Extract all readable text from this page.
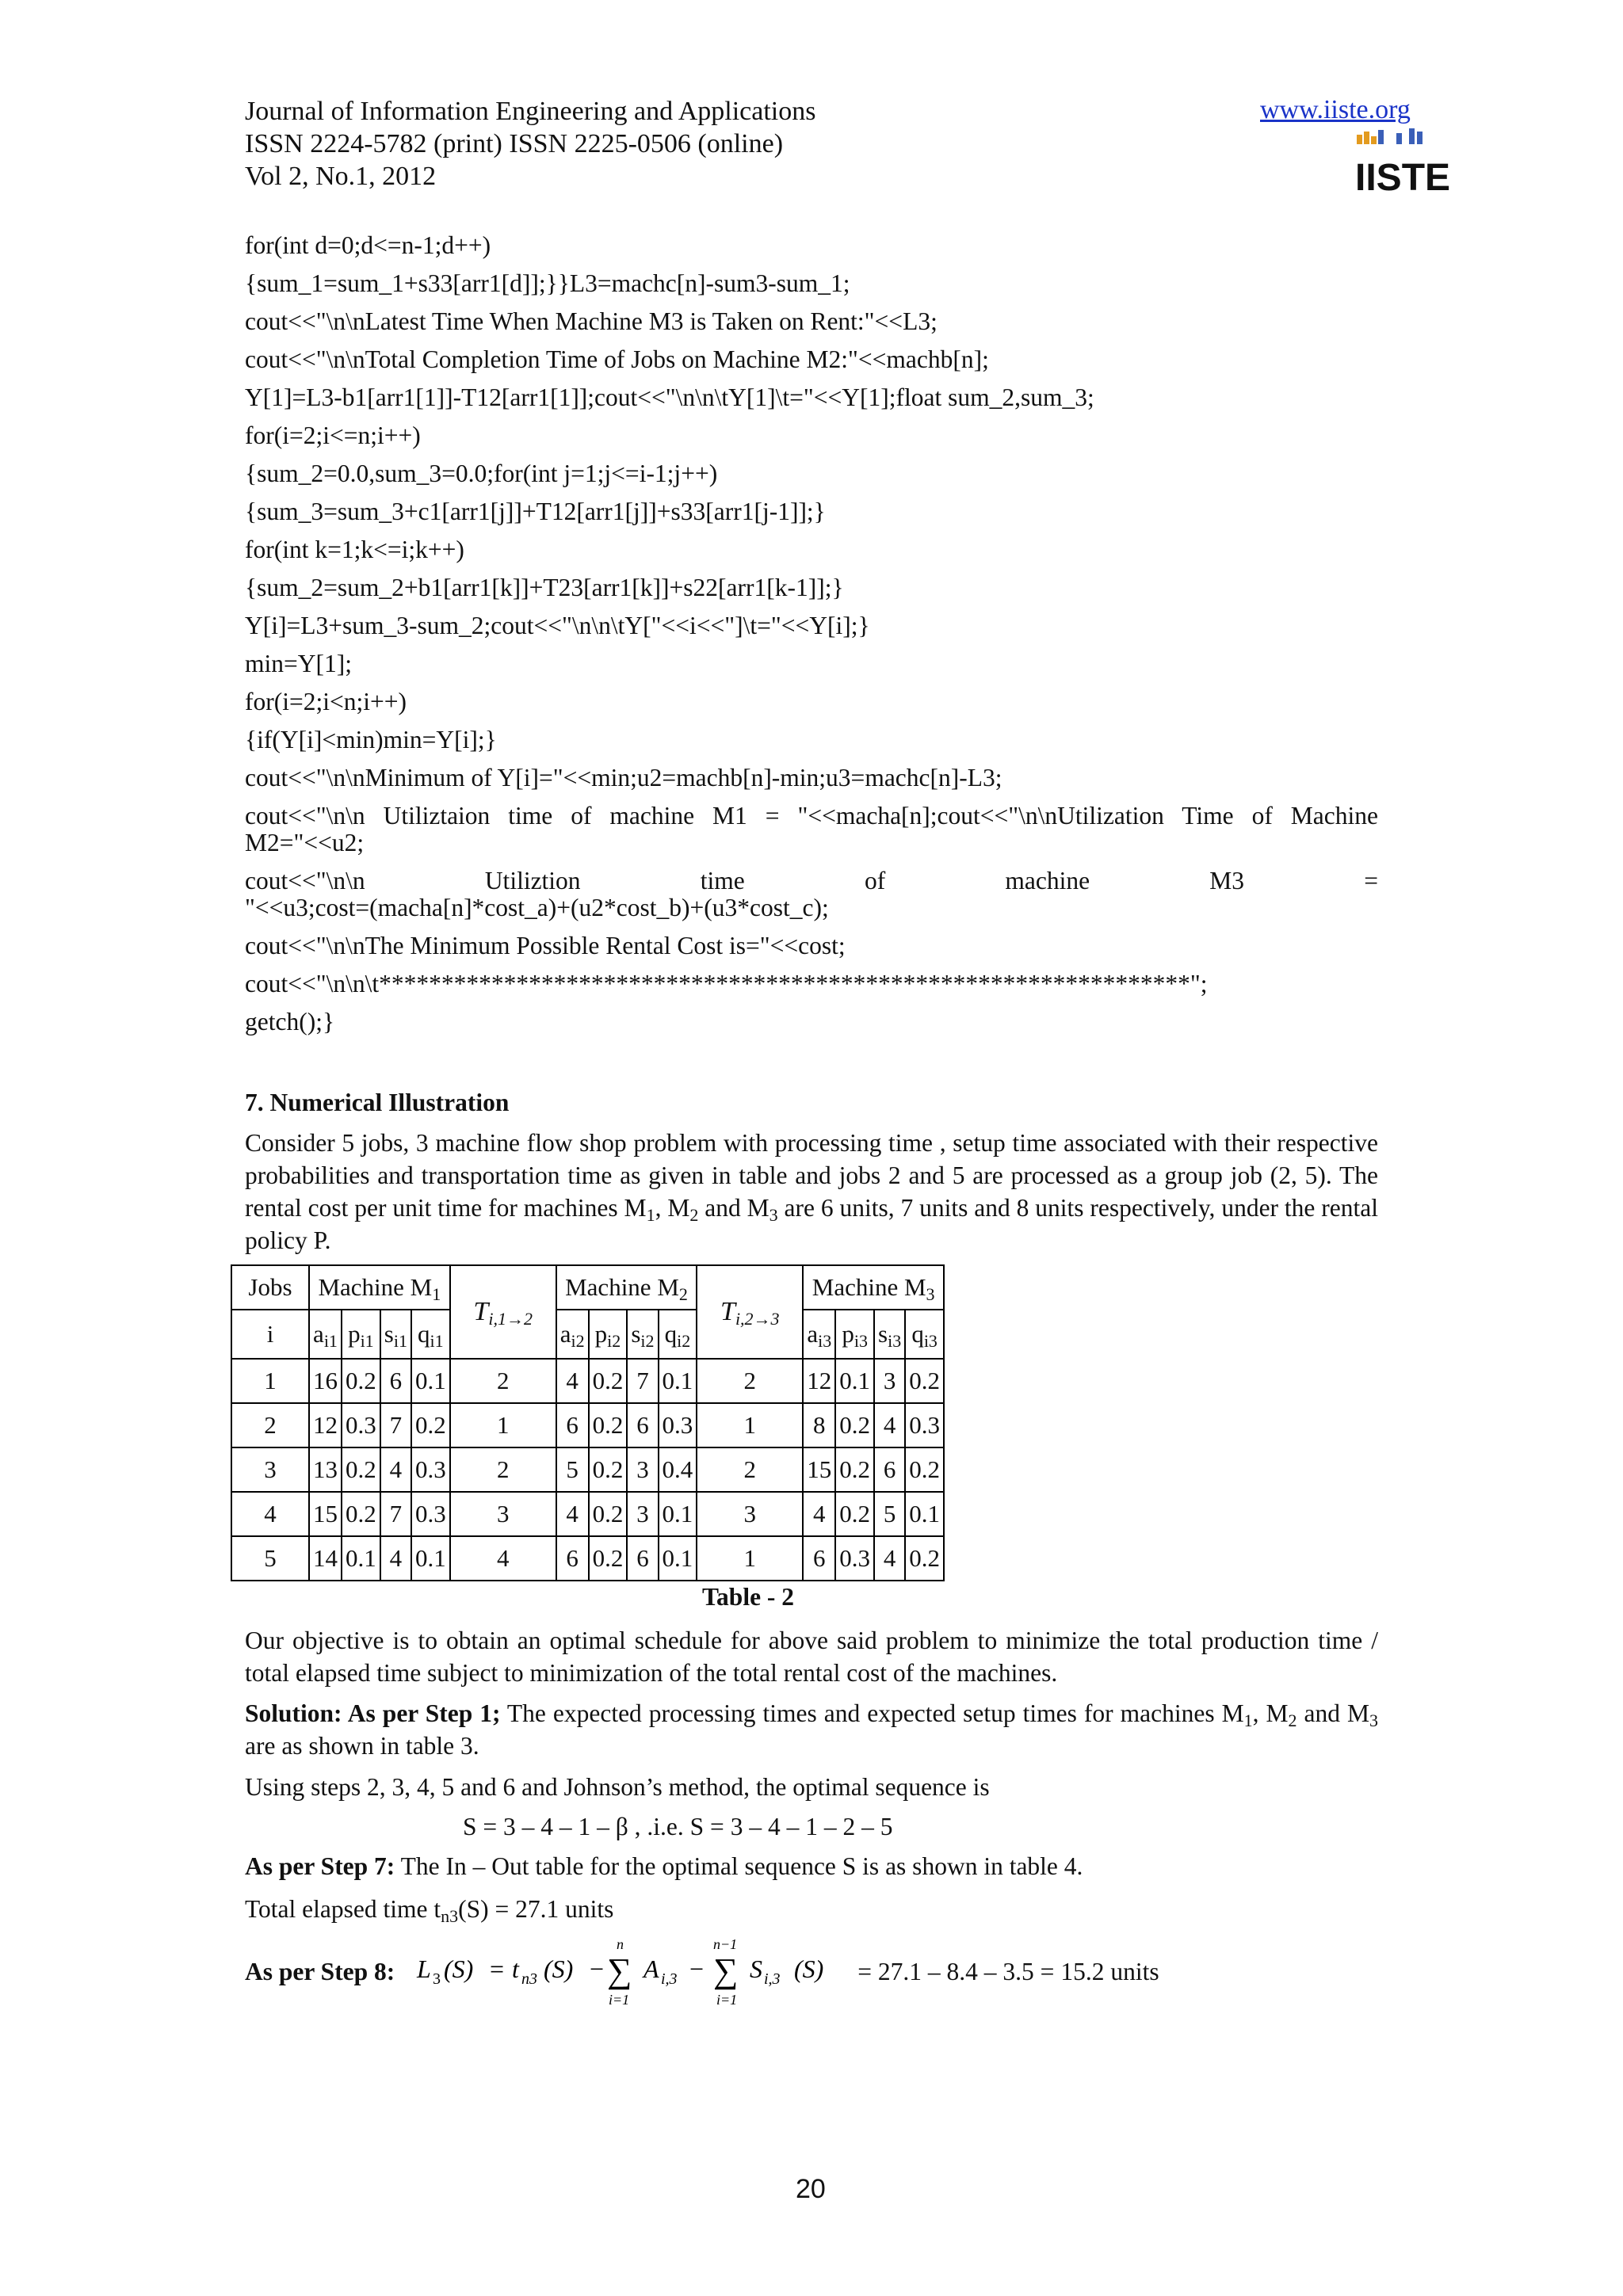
Journal of Information Engineering and Applications
ISSN 2224-5782 (print) ISSN 2225-0506 (online)
Vol 2, No.1, 2012
www.iiste.org
IISTE
for(int d=0;d<=n-1;d++)
{sum_1=sum_1+s33[arr1[d]];}}L3=machc[n]-sum3-sum_1;
cout<<"\n\nLatest Time When Machine M3 is Taken on Rent:"<<L3;
cout<<"\n\nTotal Completion Time of Jobs on Machine M2:"<<machb[n];
Y[1]=L3-b1[arr1[1]]-T12[arr1[1]];cout<<"\n\n\tY[1]\t="<<Y[1];float sum_2,sum_3;
for(i=2;i<=n;i++)
{sum_2=0.0,sum_3=0.0;for(int j=1;j<=i-1;j++)
{sum_3=sum_3+c1[arr1[j]]+T12[arr1[j]]+s33[arr1[j-1]];}
for(int k=1;k<=i;k++)
{sum_2=sum_2+b1[arr1[k]]+T23[arr1[k]]+s22[arr1[k-1]];}
Y[i]=L3+sum_3-sum_2;cout<<"\n\n\tY["<<i<<"]\t="<<Y[i];}
min=Y[1];
for(i=2;i<n;i++)
{if(Y[i]<min)min=Y[i];}
cout<<"\n\nMinimum of Y[i]="<<min;u2=machb[n]-min;u3=machc[n]-L3;
cout<<"\n\n Utiliztaion time of machine M1 = "<<macha[n];cout<<"\n\nUtilization Time of Machine
M2="<<u2;
cout<<"\n\n	Utiliztion	time	of	machine	M3	=
"<<u3;cost=(macha[n]*cost_a)+(u2*cost_b)+(u3*cost_c);
cout<<"\n\nThe Minimum Possible Rental Cost is="<<cost;
cout<<"\n\n\t*****************************************************************";
getch();}
7. Numerical Illustration
Consider 5 jobs, 3 machine flow shop problem with processing time , setup time associated with their respective probabilities and transportation time as given in table and jobs 2 and 5 are processed as a group job (2, 5). The rental cost per unit time for machines $M_1$, $M_2$ and $M_3$ are 6 units, 7 units and 8 units respectively, under the rental policy P.
Jobs	Machine $M_1$				$T_{i,1\to 2}$	Machine $M_2$				$T_{i,2\to 3}$	Machine $M_3$
i	$a_{i1}$	$p_{i1}$	$s_{i1}$	$q_{i1}$		$a_{i2}$	$p_{i2}$	$s_{i2}$	$q_{i2}$		$a_{i3}$	$p_{i3}$	$s_{i3}$	$q_{i3}$
1	16	0.2	6	0.1	2	4	0.2	7	0.1	2	12	0.1	3	0.2
2	12	0.3	7	0.2	1	6	0.2	6	0.3	1	8	0.2	4	0.3
3	13	0.2	4	0.3	2	5	0.2	3	0.4	2	15	0.2	6	0.2
4	15	0.2	7	0.3	3	4	0.2	3	0.1	3	4	0.2	5	0.1
5	14	0.1	4	0.1	4	6	0.2	6	0.1	1	6	0.3	4	0.2
Table - 2
Our objective is to obtain an optimal schedule for above said problem to minimize the total production time / total elapsed time subject to minimization of the total rental cost of the machines.
Solution: As per Step 1; The expected processing times and expected setup times for machines $M_1$, $M_2$ and $M_3$ are as shown in table 3.
Using steps 2, 3, 4, 5 and 6 and Johnson’s method, the optimal sequence is
S = 3 – 4 – 1 – β , .i.e. S = 3 – 4 – 1 – 2 – 5
As per Step 7: The In – Out table for the optimal sequence S is as shown in table 4.
Total elapsed time $t_{n3}(S) = 27.1$ units
As per Step 8: L 3 (S) = t n3 (S) −
n
∑
i=1
A i,3 −
n−1
∑
i=1
S i,3 (S) = 27.1 – 8.4 – 3.5 = 15.2 units
20
